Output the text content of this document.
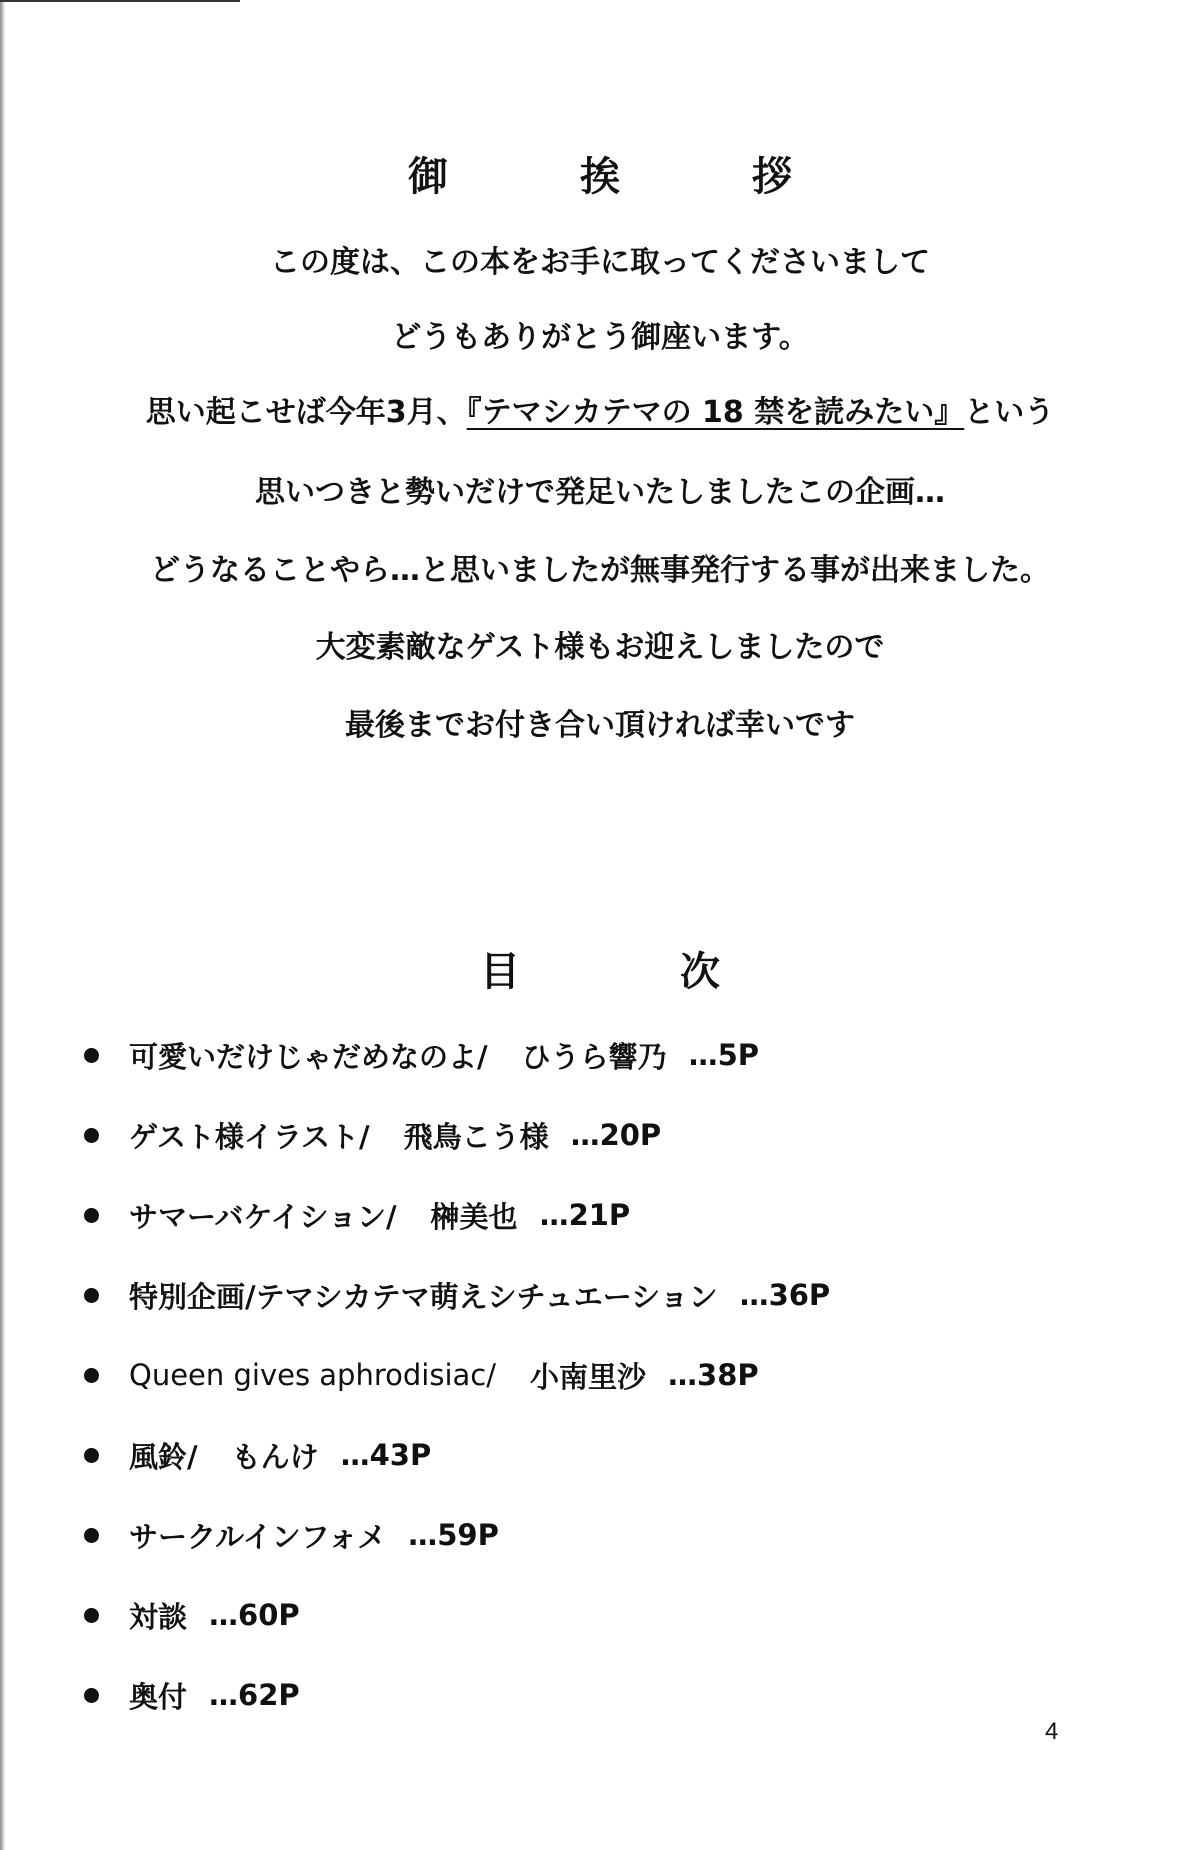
御　挨　拶
この度は、この本をお手に取ってくださいまして
どうもありがとう御座います。
思い起こせば今年3月、『テマシカテマの 18 禁を読みたい』という
思いつきと勢いだけで発足いたしましたこの企画…
どうなることやら…と思いましたが無事発行する事が出来ました。
大変素敵なゲスト様もお迎えしましたので
最後までお付き合い頂ければ幸いです
目　次
可愛いだけじゃだめなのよ/ ひうら響乃 …5P
ゲスト様イラスト/ 飛鳥こう様 …20P
サマーバケイション/ 榊美也 …21P
特別企画/テマシカテマ萌えシチュエーション …36P
Queen gives aphrodisiac/ 小南里沙 …38P
風鈴/ もんけ …43P
サークルインフォメ …59P
対談 …60P
奥付 …62P
4
